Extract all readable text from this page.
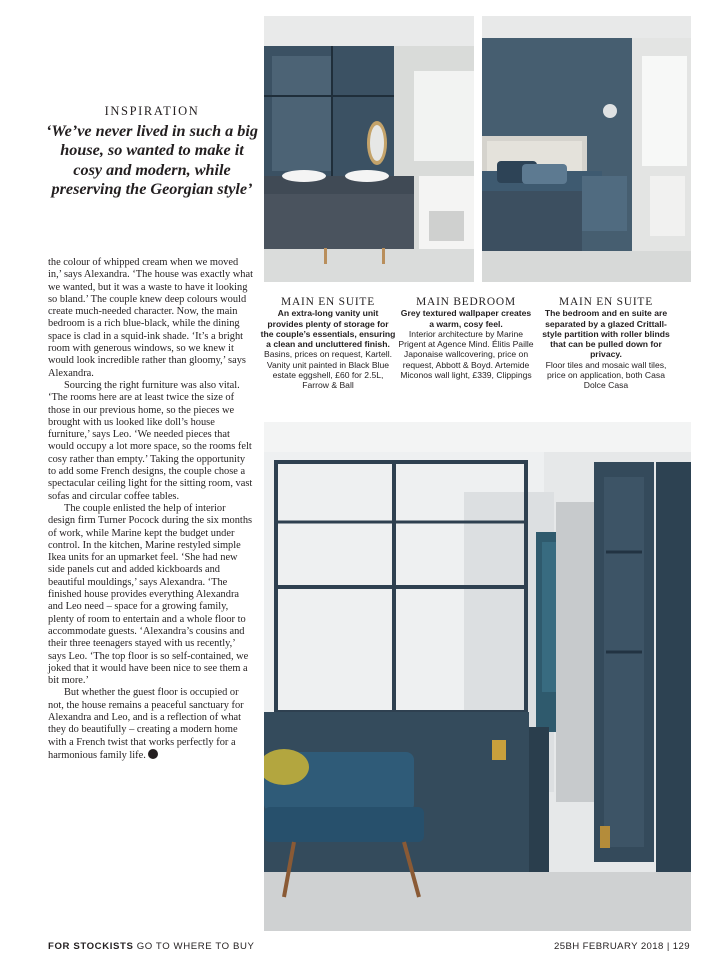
INSPIRATION
‘We’ve never lived in such a big house, so wanted to make it cosy and modern, while preserving the Georgian style’

the colour of whipped cream when we moved in,’ says Alexandra. ‘The house was exactly what we wanted, but it was a waste to have it looking so bland.’ The couple knew deep colours would create much-needed character. Now, the main bedroom is a rich blue-black, while the dining space is clad in a squid-ink shade. ‘It’s a bright room with generous windows, so we knew it would look incredible rather than gloomy,’ says Alexandra.

Sourcing the right furniture was also vital. ‘The rooms here are at least twice the size of those in our previous home, so the pieces we brought with us looked like doll’s house furniture,’ says Leo. ‘We needed pieces that would occupy a lot more space, so the rooms felt cosy rather than empty.’ Taking the opportunity to add some French designs, the couple chose a spectacular ceiling light for the sitting room, vast sofas and circular coffee tables.

The couple enlisted the help of interior design firm Turner Pocock during the six months of work, while Marine kept the budget under control. In the kitchen, Marine restyled simple Ikea units for an upmarket feel. ‘She had new side panels cut and added kickboards and beautiful mouldings,’ says Alexandra. ‘The finished house provides everything Alexandra and Leo need – space for a growing family, plenty of room to entertain and a whole floor to accommodate guests. ‘Alexandra’s cousins and their three teenagers stayed with us recently,’ says Leo. ‘The top floor is so self-contained, we joked that it would have been nice to see them a bit more.’

But whether the guest floor is occupied or not, the house remains a peaceful sanctuary for Alexandra and Leo, and is a reflection of what they do beautifully – creating a modern home with a French twist that works perfectly for a harmonious family life.

MAIN EN SUITE
An extra-long vanity unit provides plenty of storage for the couple’s essentials, ensuring a clean and uncluttered finish.
Basins, prices on request, Kartell. Vanity unit painted in Black Blue estate eggshell, £60 for 2.5L, Farrow & Ball
MAIN BEDROOM
Grey textured wallpaper creates a warm, cosy feel.
Interior architecture by Marine Prigent at Agence Mind. Élitis Paille Japonaise wallcovering, price on request, Abbott & Boyd. Artemide Miconos wall light, £339, Clippings
MAIN EN SUITE
The bedroom and en suite are separated by a glazed Crittall-style partition with roller blinds that can be pulled down for privacy.
Floor tiles and mosaic wall tiles, price on application, both Casa Dolce Casa
FOR STOCKISTS GO TO WHERE TO BUY	25BH FEBRUARY 2018 | 129
